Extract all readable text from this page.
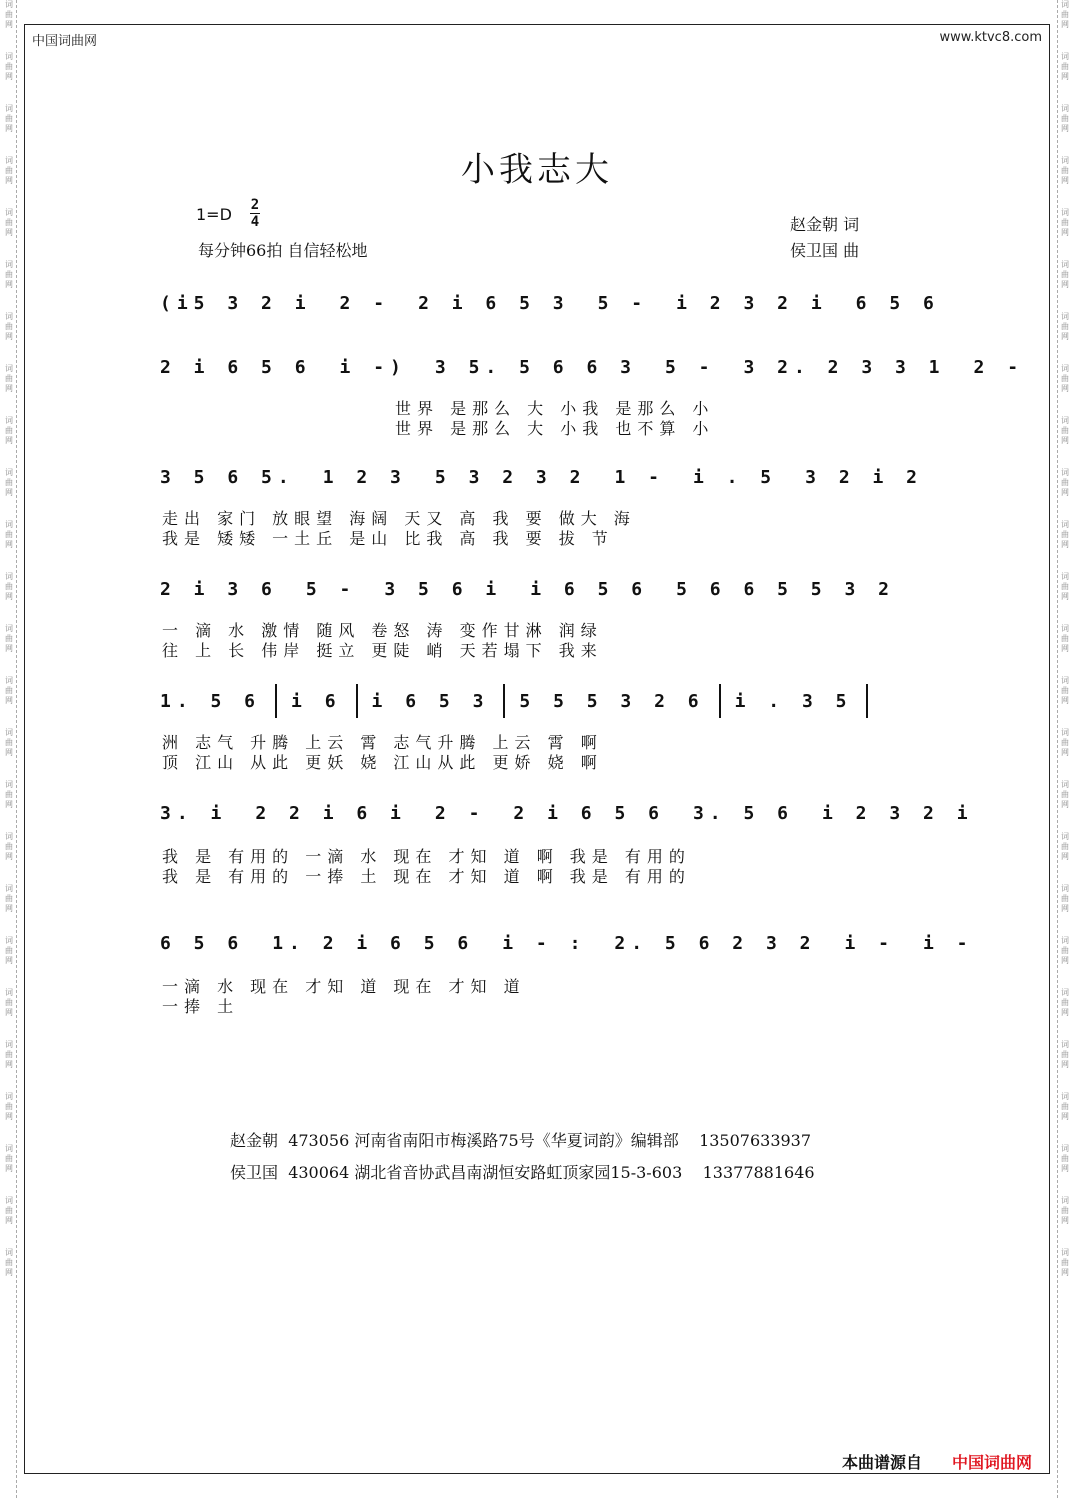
词曲网
词曲网
词曲网
词曲网
词曲网
词曲网
词曲网
词曲网
词曲网
词曲网
词曲网
词曲网
词曲网
词曲网
词曲网
词曲网
词曲网
词曲网
词曲网
词曲网
词曲网
词曲网
词曲网
词曲网
词曲网
词曲网
词曲网
词曲网
词曲网
词曲网
词曲网
词曲网
词曲网
词曲网
词曲网
词曲网
词曲网
词曲网
词曲网
词曲网
词曲网
词曲网
词曲网
词曲网
词曲网
词曲网
词曲网
词曲网
词曲网
词曲网
中国词曲网	www.ktvc8.com
小我志大
1=D 2
4
每分钟66拍 自信轻松地
赵金朝 词
侯卫国 曲
(i5 3 2 i 2 - 2 i 6 5 3 5 - i 2 3 2 i 6 5 6
2 i 6 5 6 i -) 3 5. 5 6 6 3 5 - 3 2. 2 3 3 1 2 -
3 5 6 5. 1 2 3 5 3 2 3 2 1 - i . 5 3 2 i 2
2 i 3 6 5 - 3 5 6 i i 6 5 6 5 6 6 5 5 3 2
1. 5 6 i 6 i 6 5 3 5 5 5 3 2 6 i . 3 5
3. i 2 2 i 6 i 2 - 2 i 6 5 6 3. 5 6 i 2 3 2 i
6 5 6 1. 2 i 6 5 6 i - : 2. 5 6 2 3 2 i - i -
世界 是那么 大 小我 是那么 小
世界 是那么 大 小我 也不算 小
走出 家门 放眼望 海阔 天又 高 我 要 做大 海
我是 矮矮 一土丘 是山 比我 高 我 要 拔 节
一 滴 水 激情 随风 卷怒 涛 变作甘淋 润绿
往 上 长 伟岸 挺立 更陡 峭 天若塌下 我来
洲 志气 升腾 上云 霄 志气升腾 上云 霄 啊
顶 江山 从此 更妖 娆 江山从此 更娇 娆 啊
我 是 有用的 一滴 水 现在 才知 道 啊 我是 有用的
我 是 有用的 一捧 土 现在 才知 道 啊 我是 有用的
一滴 水 现在 才知 道 现在 才知 道
一捧 土
赵金朝 473056 河南省南阳市梅溪路75号《华夏词韵》编辑部 13507633937
侯卫国 430064 湖北省音协武昌南湖恒安路虹顶家园15-3-603 13377881646
本曲谱源自 中国词曲网
